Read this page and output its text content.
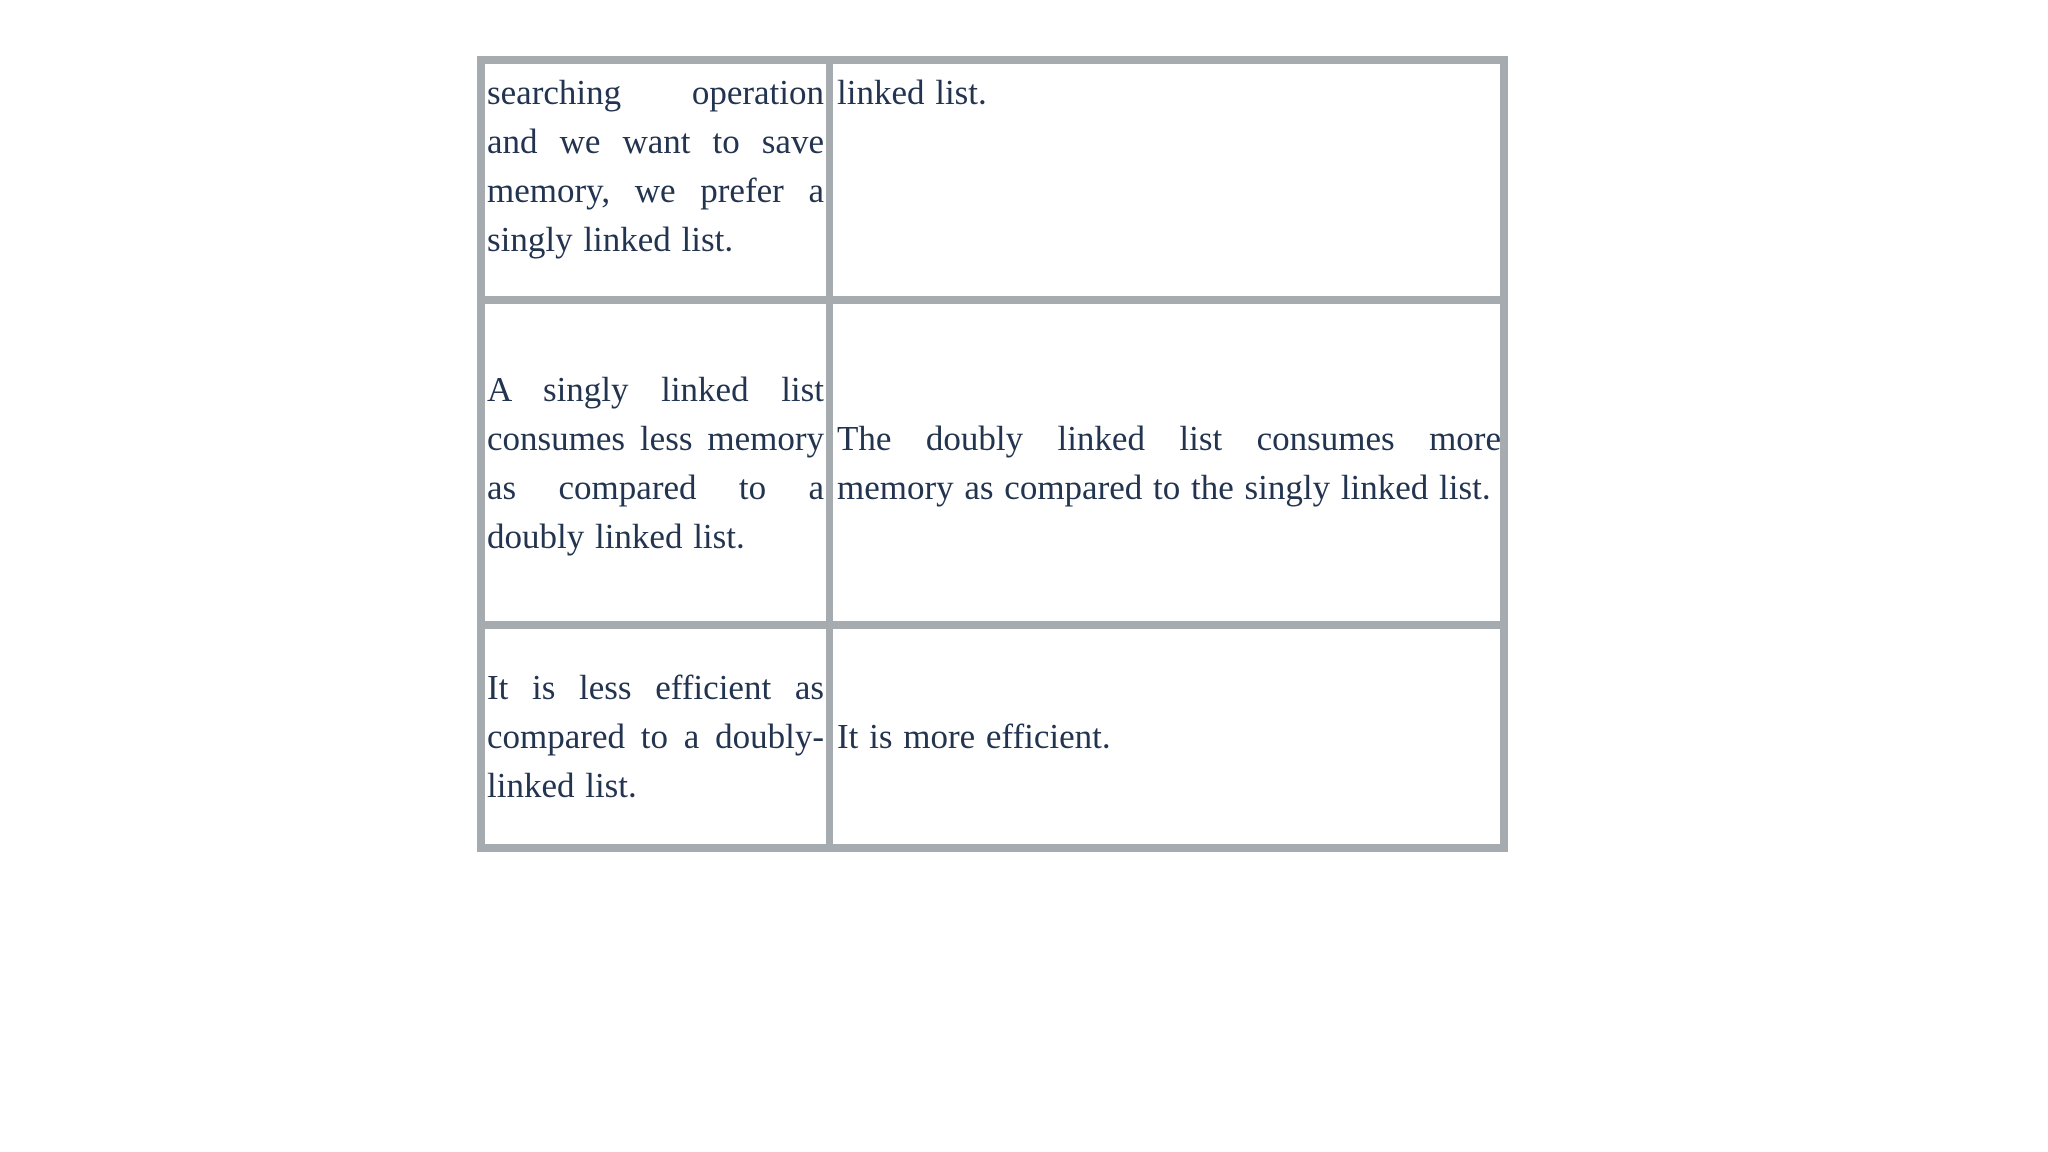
searching operation and we want to save memory, we prefer a singly linked list.

linked list.

A singly linked list consumes less memory as compared to a doubly linked list.

The doubly linked list consumes more memory as compared to the singly linked list.

It is less efficient as compared to a doubly-linked list.

It is more efficient.
